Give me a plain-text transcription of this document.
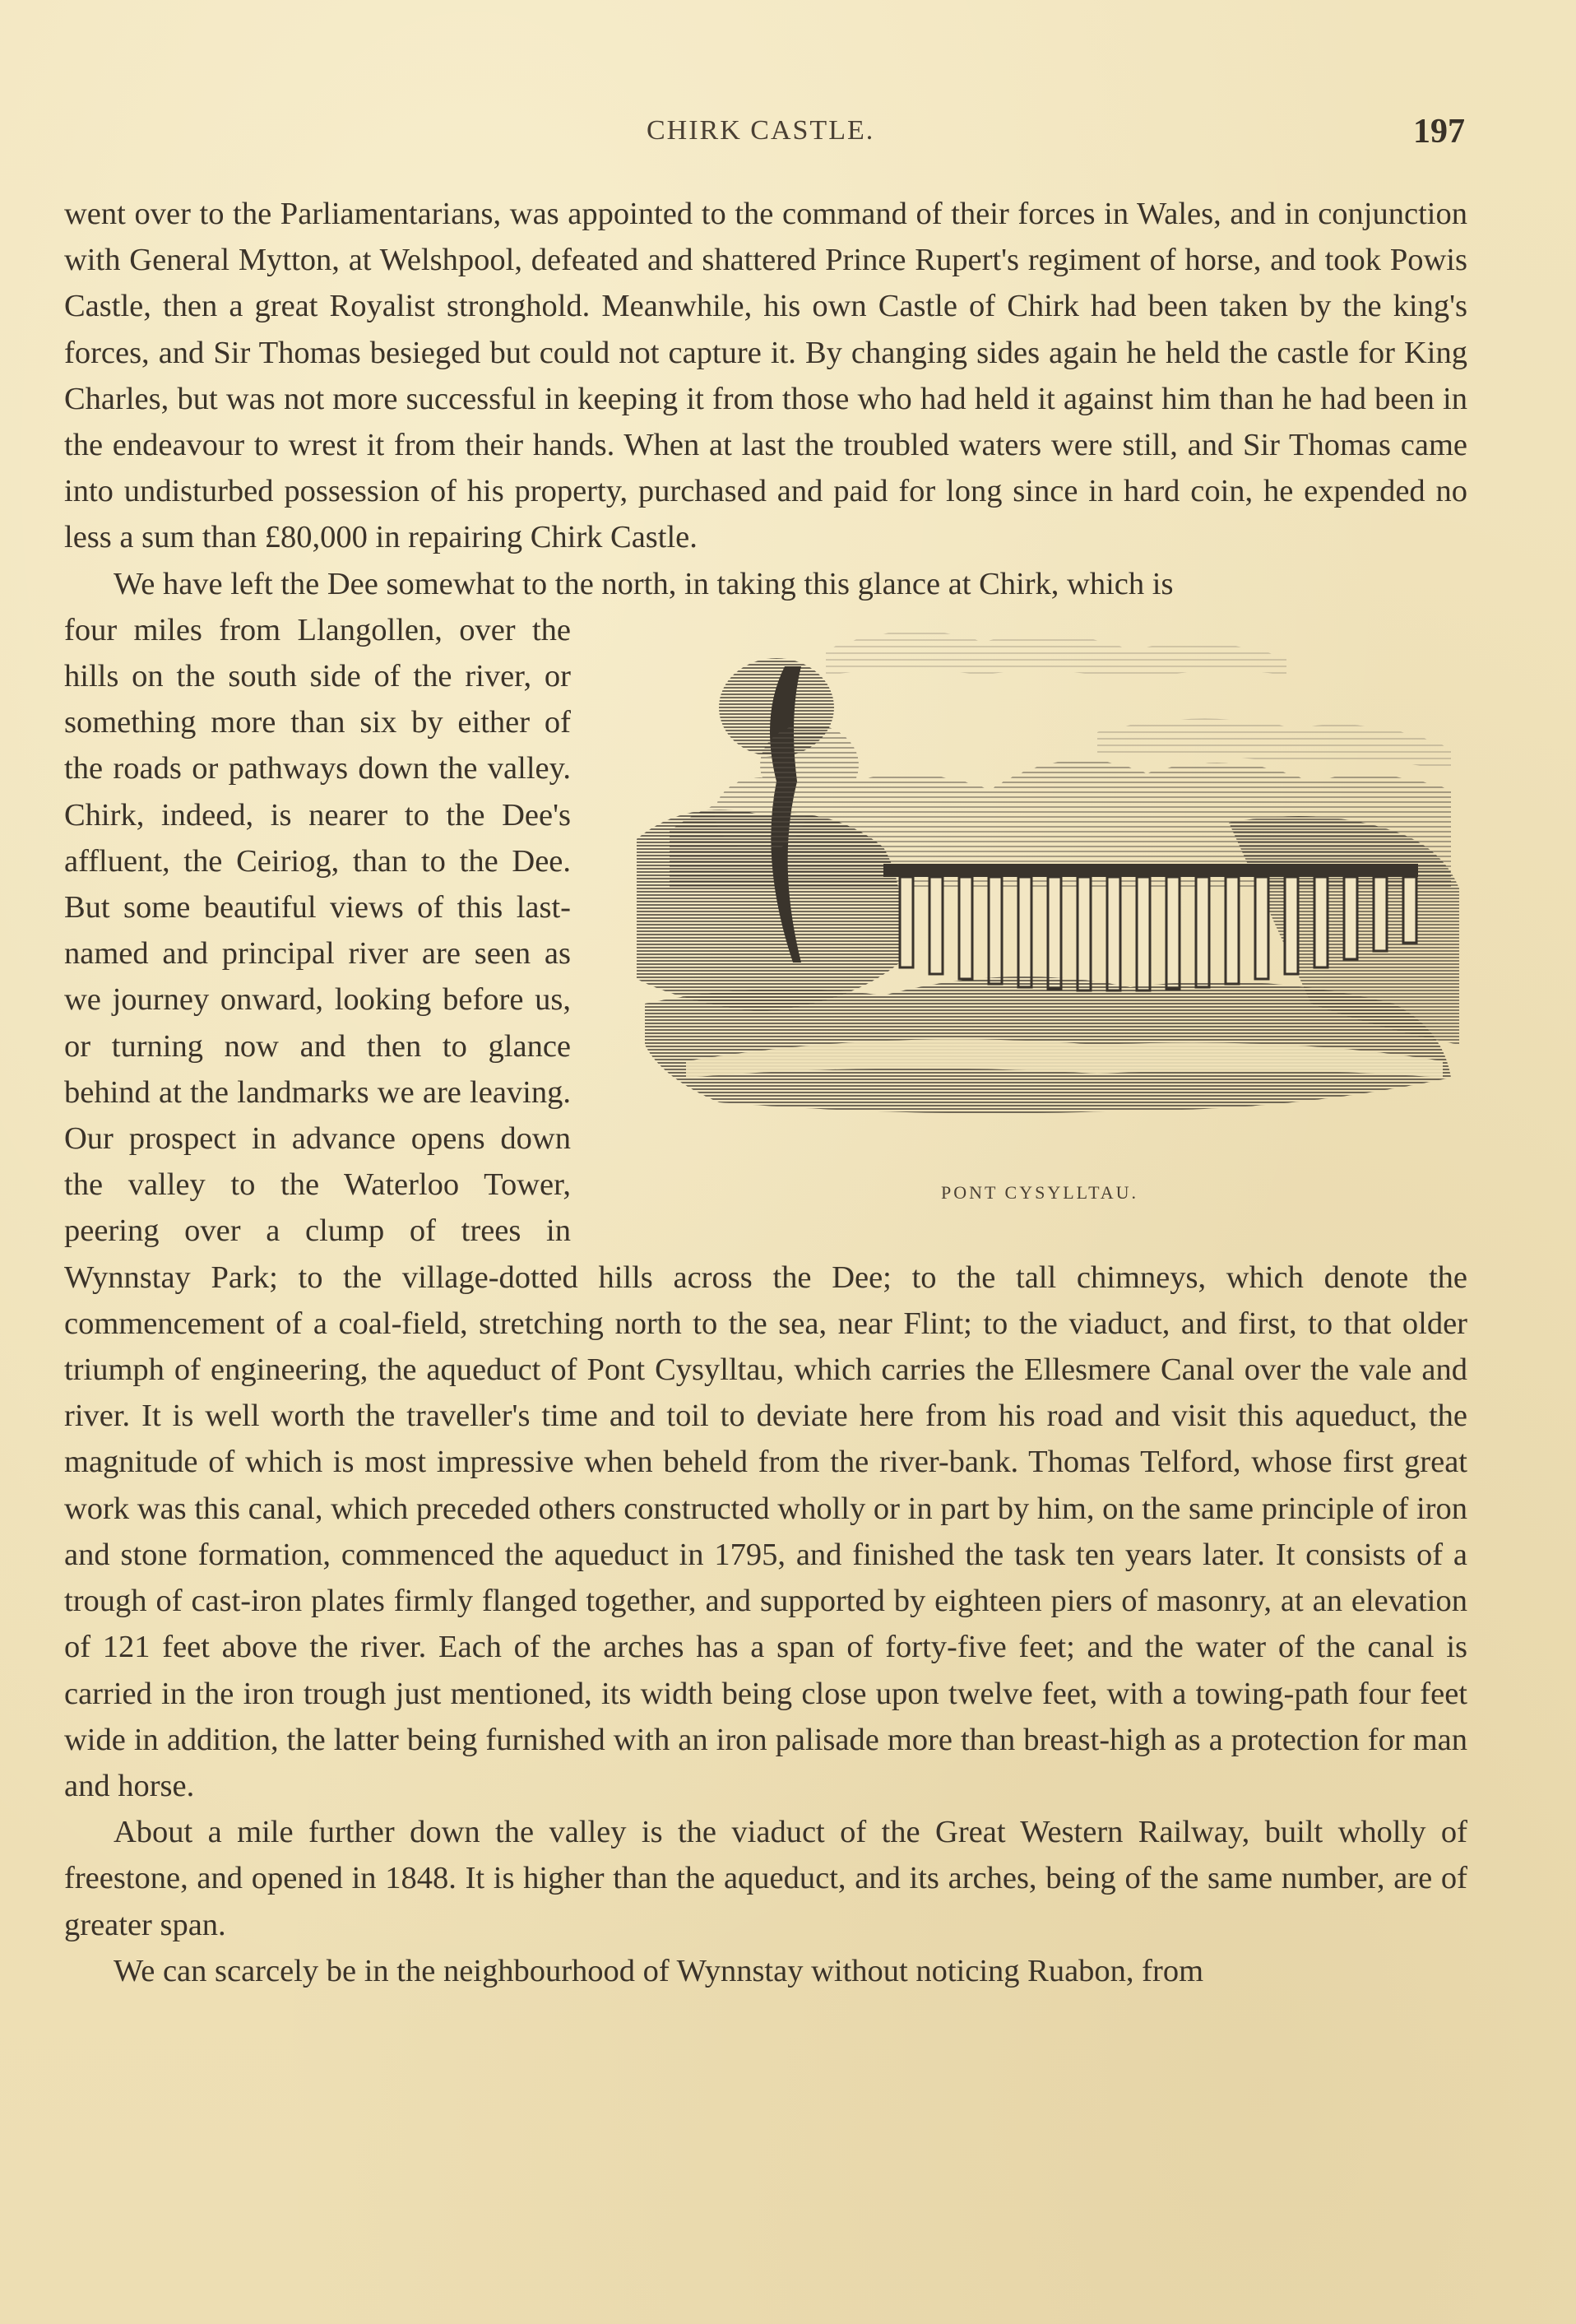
CHIRK CASTLE.	197

went over to the Parliamentarians, was appointed to the command of their forces in Wales, and in conjunction with General Mytton, at Welshpool, defeated and shattered Prince Rupert's regiment of horse, and took Powis Castle, then a great Royalist stronghold. Meanwhile, his own Castle of Chirk had been taken by the king's forces, and Sir Thomas besieged but could not capture it. By changing sides again he held the castle for King Charles, but was not more successful in keeping it from those who had held it against him than he had been in the endeavour to wrest it from their hands. When at last the troubled waters were still, and Sir Thomas came into undisturbed possession of his property, purchased and paid for long since in hard coin, he expended no less a sum than £80,000 in repairing Chirk Castle.

We have left the Dee somewhat to the north, in taking this glance at Chirk, which is

PONT CYSYLLTAU.

four miles from Llangollen, over the hills on the south side of the river, or something more than six by either of the roads or pathways down the valley. Chirk, indeed, is nearer to the Dee's affluent, the Ceiriog, than to the Dee. But some beautiful views of this last-named and principal river are seen as we journey onward, looking before us, or turning now and then to glance behind at the landmarks we are leaving. Our prospect in advance opens down the valley to the Waterloo Tower, peering over a clump of trees in Wynnstay Park; to the village-dotted hills across the Dee; to the tall chimneys, which denote the commencement of a coal-field, stretching north to the sea, near Flint; to the viaduct, and first, to that older triumph of engineering, the aqueduct of Pont Cysylltau, which carries the Ellesmere Canal over the vale and river. It is well worth the traveller's time and toil to deviate here from his road and visit this aqueduct, the magnitude of which is most impressive when beheld from the river-bank. Thomas Telford, whose first great work was this canal, which preceded others constructed wholly or in part by him, on the same principle of iron and stone formation, commenced the aqueduct in 1795, and finished the task ten years later. It consists of a trough of cast-iron plates firmly flanged together, and supported by eighteen piers of masonry, at an elevation of 121 feet above the river. Each of the arches has a span of forty-five feet; and the water of the canal is carried in the iron trough just mentioned, its width being close upon twelve feet, with a towing-path four feet wide in addition, the latter being furnished with an iron palisade more than breast-high as a protection for man and horse.

About a mile further down the valley is the viaduct of the Great Western Railway, built wholly of freestone, and opened in 1848. It is higher than the aqueduct, and its arches, being of the same number, are of greater span.

We can scarcely be in the neighbourhood of Wynnstay without noticing Ruabon, from
